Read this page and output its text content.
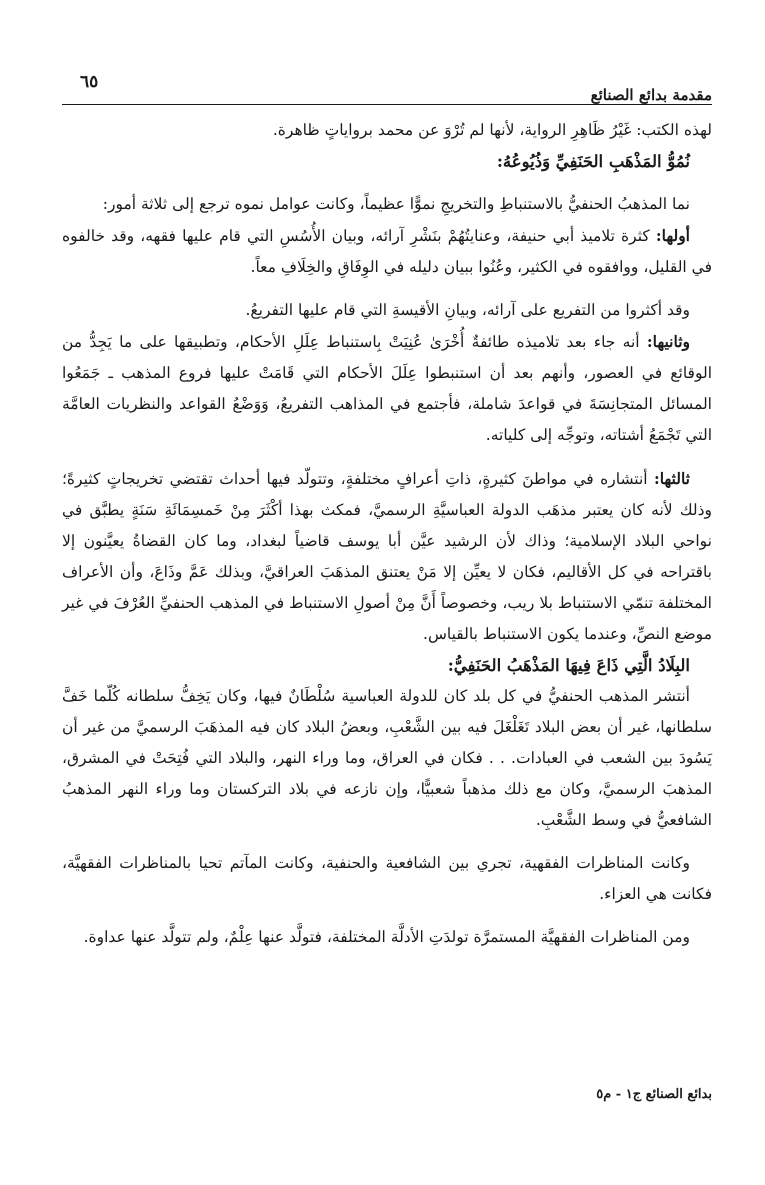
مقدمة بدائع الصنائع
٦٥

لهذه الكتب: غَيْرُ ظَاهِرِ الرواية، لأنها لم تُرْوَ عن محمد برواياتٍ ظاهرة.

نُمُوُّ المَذْهَبِ الحَنَفِيِّ وَذُيُوعُهُ:

نما المذهبُ الحنفيُّ بالاستنباطِ والتخريجِ نموًّا عظيماً، وكانت عوامل نموه ترجع إلى ثلاثة أمور:

أولها: كثرة تلاميذ أبي حنيفة، وعنايتُهُمْ بنَشْرِ آرائه، وبيان الأُسُسِ التي قام عليها فقهه، وقد خالفوه في القليل، ووافقوه في الكثير، وعُنُوا ببيان دليله في الوِفَاقِ والخِلَافِ معاً.

وقد أكثروا من التفريع على آرائه، وبيانِ الأقيسةِ التي قام عليها التفريعُ.

وثانيها: أنه جاء بعد تلاميذه طائفةٌ أُخْرَىٰ عُنِيَتْ بِاستنباط عِلَلِ الأحكام، وتطبيقها على ما يَجِدُّ من الوقائع في العصور، وأنهم بعد أن استنبطوا عِلَلَ الأحكام التي قَامَتْ عليها فروع المذهب ـ جَمَعُوا المسائل المتجانِسَةَ في قواعدَ شاملة، فأجتمع في المذاهب التفريعُ، وَوَضْعُ القواعد والنظريات العامَّة التي تَجْمَعُ أشتاته، وتوجِّه إلى كلياته.

ثالثها: أنتشاره في مواطنَ كثيرةٍ، ذاتِ أعرافٍ مختلفةٍ، وتتولّد فيها أحداث تقتضي تخريجاتٍ كثيرةً؛ وذلك لأنه كان يعتبر مذهَب الدولة العباسيَّةِ الرسميَّ، فمكث بهذا أكْثَرَ مِنْ خَمسِمَائَةِ سَنَةٍ يطبَّق في نواحي البلاد الإسلامية؛ وذاك لأن الرشيد عيَّن أبا يوسف قاضياً لبغداد، وما كان القضاةُ يعيَّنون إلا باقتراحه في كل الأقاليم، فكان لا يعيِّن إلا مَنْ يعتنق المذهَبَ العراقيَّ، وبذلك عَمَّ وذَاعَ، وأن الأعراف المختلفة تنمّي الاستنباط بلا ريب، وخصوصاً أَنَّ مِنْ أصولِ الاستنباط في المذهب الحنفيِّ العُرْفَ في غير موضع النصِّ، وعندما يكون الاستنباط بالقياس.

البِلَادُ الَّتِي ذَاعَ فِيهَا المَذْهَبُ الحَنَفِيُّ:

أنتشر المذهب الحنفيُّ في كل بلد كان للدولة العباسية سُلْطَانٌ فيها، وكان يَخِفُّ سلطانه كُلّما خَفَّ سلطانها، غير أن بعض البلاد تَغَلْغَلَ فيه بين الشَّعْبِ، وبعضُ البلاد كان فيه المذهَبَ الرسميَّ من غير أن يَسُودَ بين الشعب في العبادات. . . فكان في العراق، وما وراء النهر، والبلاد التي فُتِحَتْ في المشرق، المذهبَ الرسميَّ، وكان مع ذلك مذهباً شعبيًّا، وإن نازعه في بلاد التركستان وما وراء النهر المذهبُ الشافعيُّ في وسط الشَّعْبِ.

وكانت المناظرات الفقهية، تجري بين الشافعية والحنفية، وكانت المآتم تحيا بالمناظرات الفقهيَّة، فكانت هي العزاء.

ومن المناظرات الفقهيَّة المستمرَّة تولدَتِ الأدلَّة المختلفة، فتولَّد عنها عِلْمٌ، ولم تتولَّد عنها عداوة.

بدائع الصنائع ج١ - م٥
